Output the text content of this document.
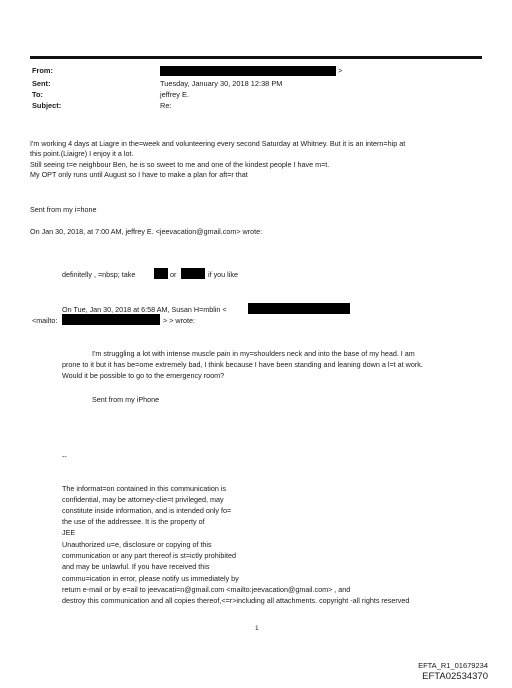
From:	>
Sent:	Tuesday, January 30, 2018 12:38 PM
To:	jeffrey E.
Subject:	Re:
I'm working 4 days at Liagre in the=week and volunteering every second Saturday at Whitney. But it is an intern=hip at
this point.(Liaigre) I enjoy it a lot.
Still seeing t=e neighbour Ben, he is so sweet to me and one of the kindest people I have m=t.
My OPT only runs until August so I have to make a plan for aft=r that
Sent from my i=hone
On Jan 30, 2018, at 7:00 AM, jeffrey E. <jeevacation@gmail.com> wrote:
definitelly , =nbsp; take	or	if you like
On Tue, Jan 30, 2018 at 6:58 AM, Susan H=mblin <
<mailto:	> > wrote:
I'm struggling a lot with intense muscle pain in my=shoulders neck and into the base of my head. I am
prone to it but it has be=ome extremely bad, I think because I have been standing and leaning down a l=t at work.
Would it be possible to go to the emergency room?
Sent from my iPhone
--
The informat=on contained in this communication is
confidential, may be attorney-clie=t privileged, may
constitute inside information, and is intended only fo=
the use of the addressee. It is the property of
JEE
Unauthorized u=e, disclosure or copying of this
communication or any part thereof is st=ictly prohibited
and may be unlawful. If you have received this
commu=ication in error, please notify us immediately by
return e-mail or by e=ail to jeevacati=n@gmail.com <mailto:jeevacation@gmail.com> , and
destroy this communication and all copies thereof,<=r>including all attachments. copyright -all rights reserved
1
EFTA_R1_01679234
EFTA02534370
